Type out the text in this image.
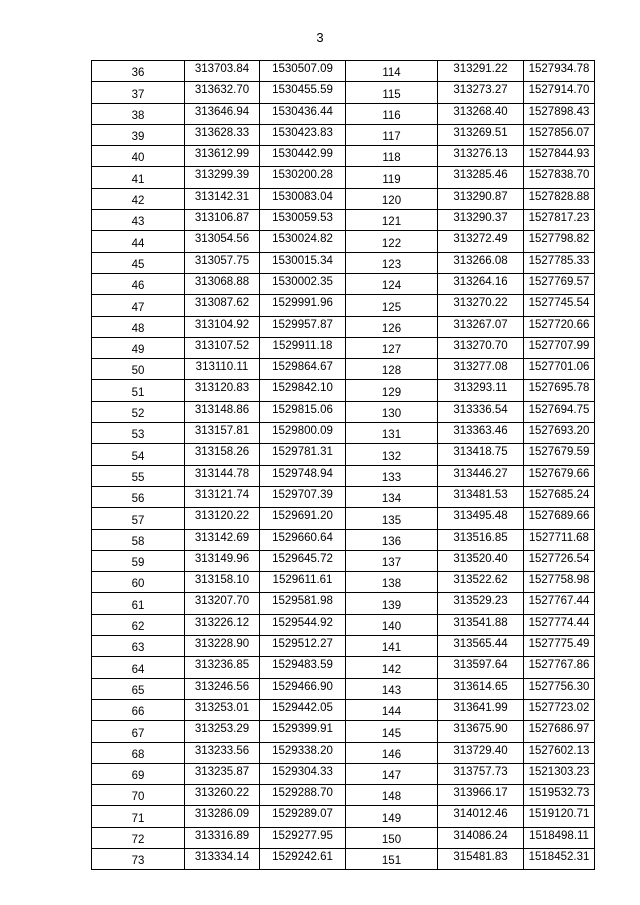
3
36	313703.84	1530507.09	114	313291.22	1527934.78
37	313632.70	1530455.59	115	313273.27	1527914.70
38	313646.94	1530436.44	116	313268.40	1527898.43
39	313628.33	1530423.83	117	313269.51	1527856.07
40	313612.99	1530442.99	118	313276.13	1527844.93
41	313299.39	1530200.28	119	313285.46	1527838.70
42	313142.31	1530083.04	120	313290.87	1527828.88
43	313106.87	1530059.53	121	313290.37	1527817.23
44	313054.56	1530024.82	122	313272.49	1527798.82
45	313057.75	1530015.34	123	313266.08	1527785.33
46	313068.88	1530002.35	124	313264.16	1527769.57
47	313087.62	1529991.96	125	313270.22	1527745.54
48	313104.92	1529957.87	126	313267.07	1527720.66
49	313107.52	1529911.18	127	313270.70	1527707.99
50	313110.11	1529864.67	128	313277.08	1527701.06
51	313120.83	1529842.10	129	313293.11	1527695.78
52	313148.86	1529815.06	130	313336.54	1527694.75
53	313157.81	1529800.09	131	313363.46	1527693.20
54	313158.26	1529781.31	132	313418.75	1527679.59
55	313144.78	1529748.94	133	313446.27	1527679.66
56	313121.74	1529707.39	134	313481.53	1527685.24
57	313120.22	1529691.20	135	313495.48	1527689.66
58	313142.69	1529660.64	136	313516.85	1527711.68
59	313149.96	1529645.72	137	313520.40	1527726.54
60	313158.10	1529611.61	138	313522.62	1527758.98
61	313207.70	1529581.98	139	313529.23	1527767.44
62	313226.12	1529544.92	140	313541.88	1527774.44
63	313228.90	1529512.27	141	313565.44	1527775.49
64	313236.85	1529483.59	142	313597.64	1527767.86
65	313246.56	1529466.90	143	313614.65	1527756.30
66	313253.01	1529442.05	144	313641.99	1527723.02
67	313253.29	1529399.91	145	313675.90	1527686.97
68	313233.56	1529338.20	146	313729.40	1527602.13
69	313235.87	1529304.33	147	313757.73	1521303.23
70	313260.22	1529288.70	148	313966.17	1519532.73
71	313286.09	1529289.07	149	314012.46	1519120.71
72	313316.89	1529277.95	150	314086.24	1518498.11
73	313334.14	1529242.61	151	315481.83	1518452.31
